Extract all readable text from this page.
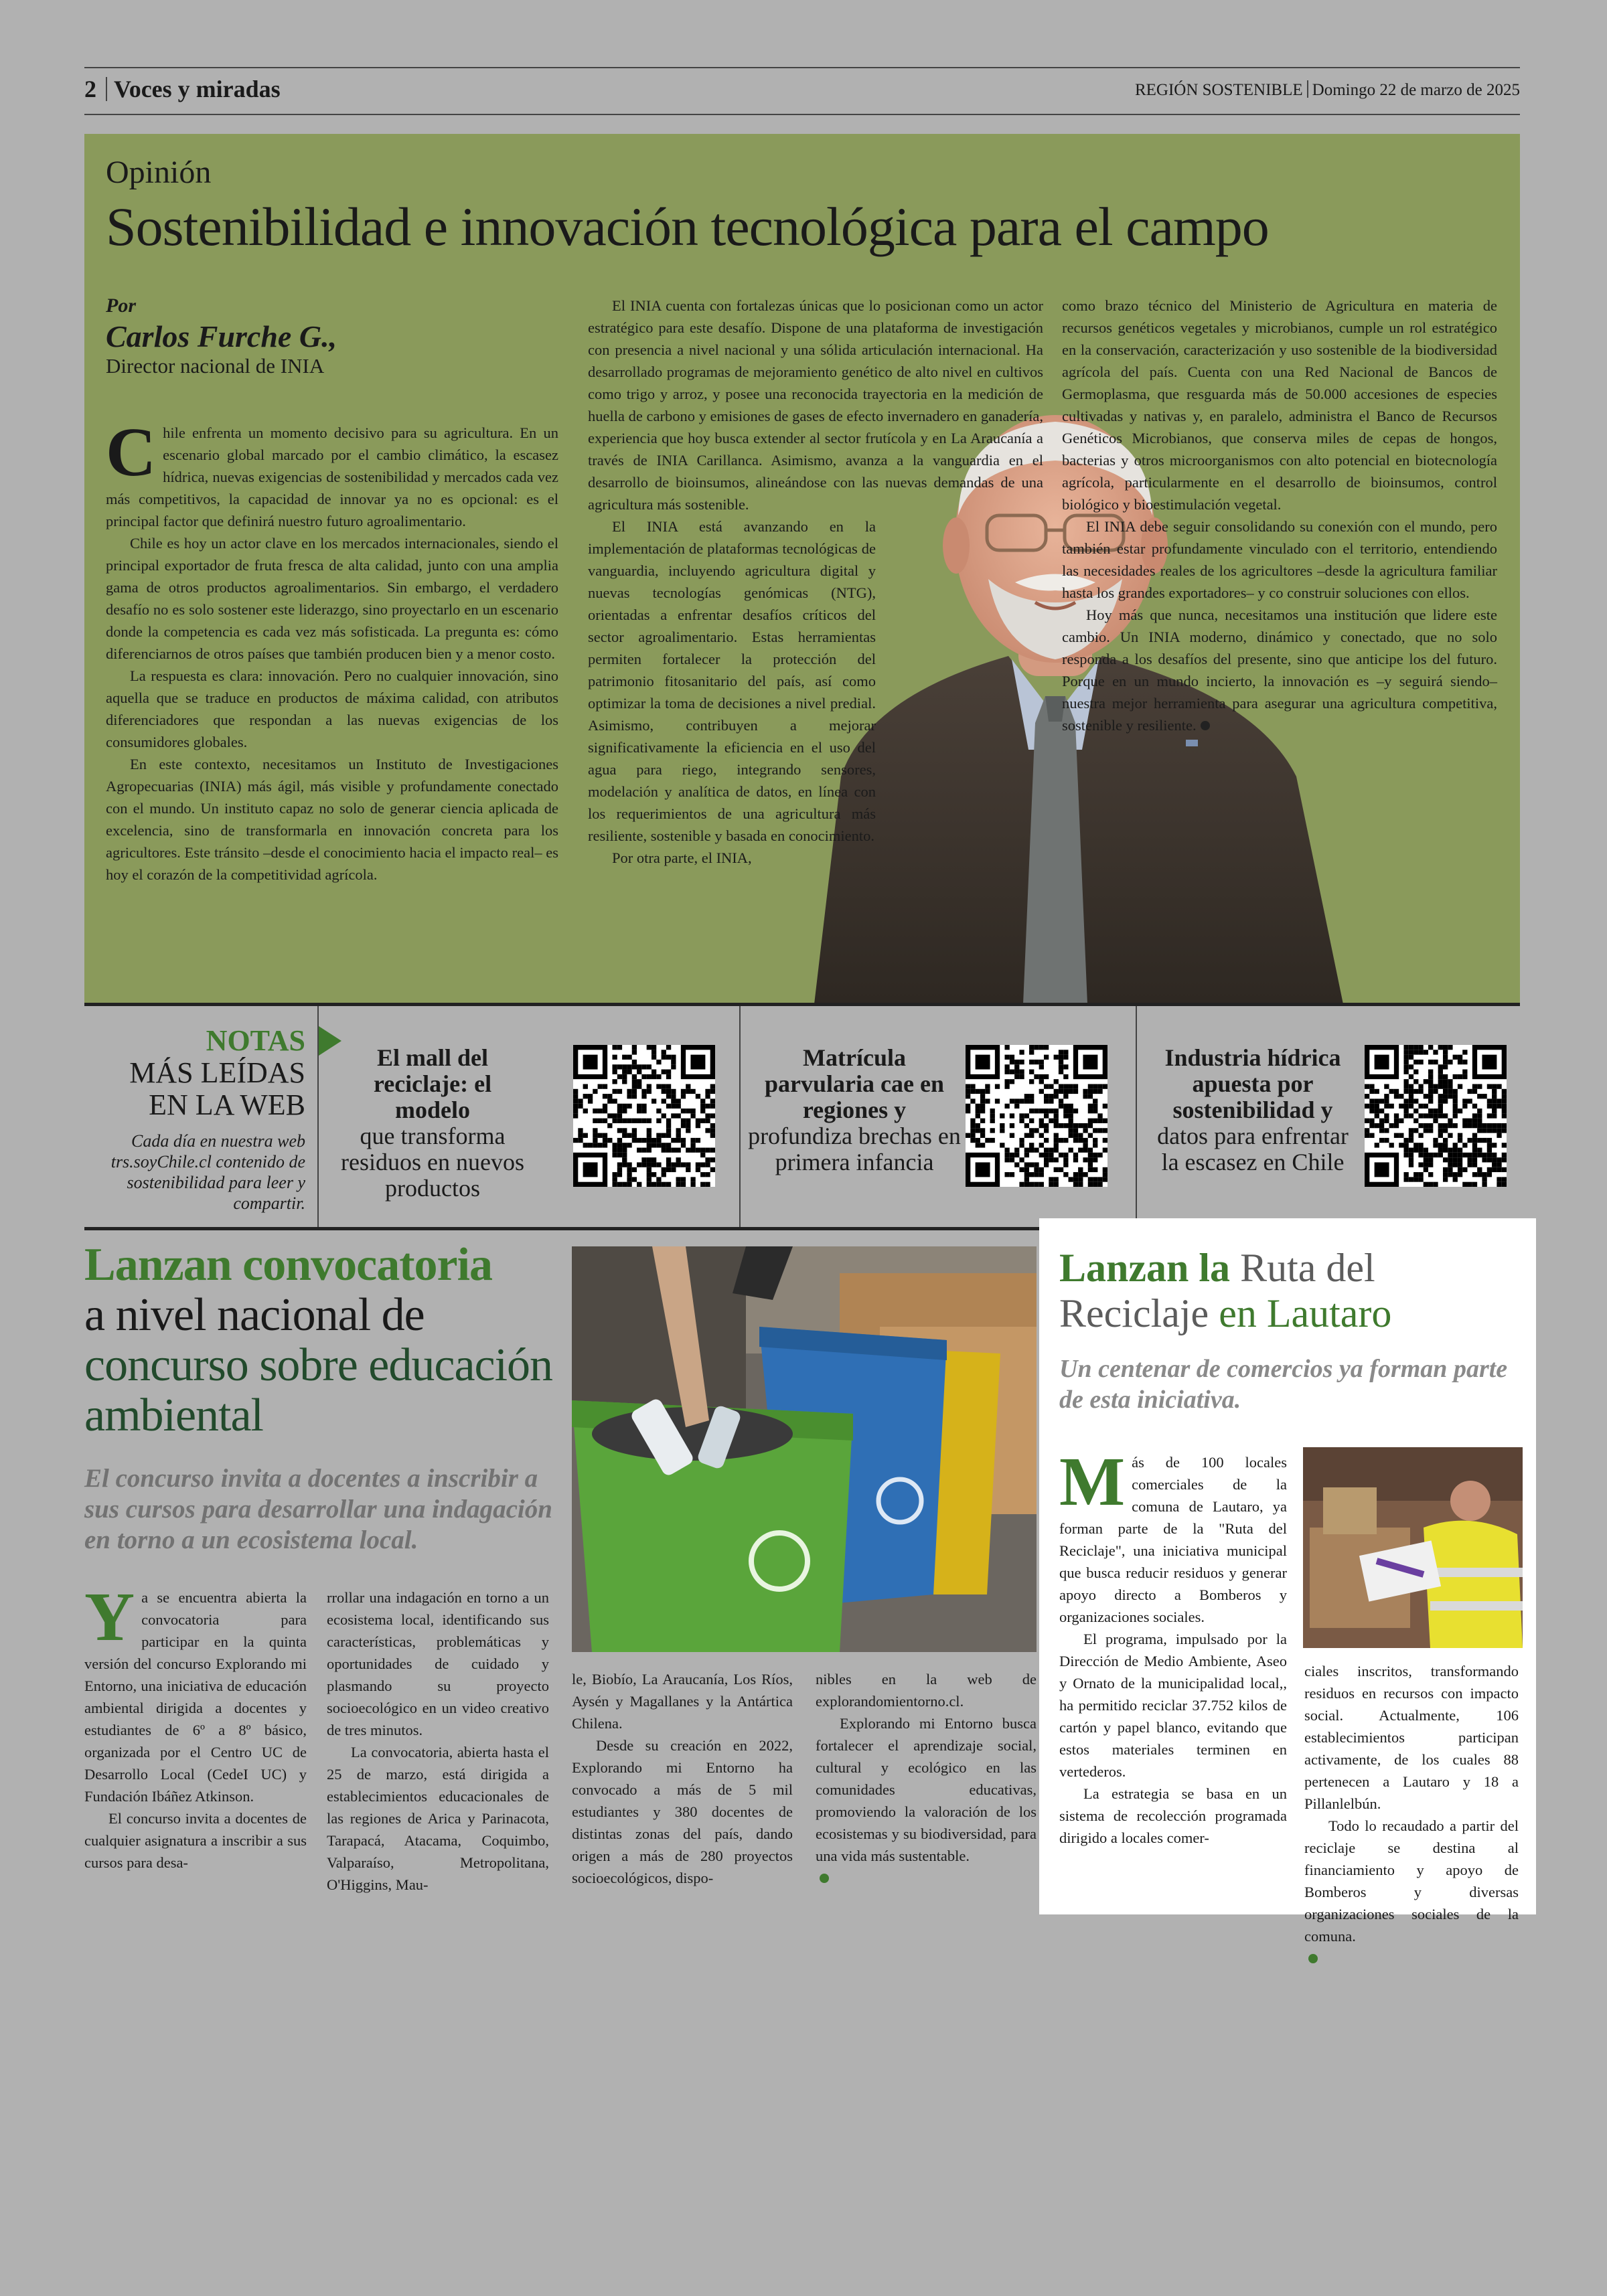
2 Voces y miradas	REGIÓN SOSTENIBLE Domingo 22 de marzo de 2025
Opinión
Sostenibilidad e innovación tecnológica para el campo
Por
Carlos Furche G.,
Director nacional de INIA

Chile enfrenta un momento decisivo para su agricultura. En un escenario global marcado por el cambio climático, la escasez hídrica, nuevas exigencias de sostenibilidad y mercados cada vez más competitivos, la capacidad de innovar ya no es opcional: es el principal factor que definirá nuestro futuro agroalimentario.

Chile es hoy un actor clave en los mercados internacionales, siendo el principal exportador de fruta fresca de alta calidad, junto con una amplia gama de otros productos agroalimentarios. Sin embargo, el verdadero desafío no es solo sostener este liderazgo, sino proyectarlo en un escenario donde la competencia es cada vez más sofisticada. La pregunta es: cómo diferenciarnos de otros países que también producen bien y a menor costo.

La respuesta es clara: innovación. Pero no cualquier innovación, sino aquella que se traduce en productos de máxima calidad, con atributos diferenciadores que respondan a las nuevas exigencias de los consumidores globales.

En este contexto, necesitamos un Instituto de Investigaciones Agropecuarias (INIA) más ágil, más visible y profundamente conectado con el mundo. Un instituto capaz no solo de generar ciencia aplicada de excelencia, sino de transformarla en innovación concreta para los agricultores. Este tránsito –desde el conocimiento hacia el impacto real– es hoy el corazón de la competitividad agrícola.

El INIA cuenta con fortalezas únicas que lo posicionan como un actor estratégico para este desafío. Dispone de una plataforma de investigación con presencia a nivel nacional y una sólida articulación internacional. Ha desarrollado programas de mejoramiento genético de alto nivel en cultivos como trigo y arroz, y posee una reconocida trayectoria en la medición de huella de carbono y emisiones de gases de efecto invernadero en ganadería, experiencia que hoy busca extender al sector frutícola y en La Araucanía a través de INIA Carillanca. Asimismo, avanza a la vanguardia en el desarrollo de bioinsumos, alineándose con las nuevas demandas de una agricultura más sostenible.

El INIA está avanzando en la implementación de plataformas tecnológicas de vanguardia, incluyendo agricultura digital y nuevas tecnologías genómicas (NTG), orientadas a enfrentar desafíos críticos del sector agroalimentario. Estas herramientas permiten fortalecer la protección del patrimonio fitosanitario del país, así como optimizar la toma de decisiones a nivel predial. Asimismo, contribuyen a mejorar significativamente la eficiencia en el uso del agua para riego, integrando sensores, modelación y analítica de datos, en línea con los requerimientos de una agricultura más resiliente, sostenible y basada en conocimiento.

Por otra parte, el INIA,

como brazo técnico del Ministerio de Agricultura en materia de recursos genéticos vegetales y microbianos, cumple un rol estratégico en la conservación, caracterización y uso sostenible de la biodiversidad agrícola del país. Cuenta con una Red Nacional de Bancos de Germoplasma, que resguarda más de 50.000 accesiones de especies cultivadas y nativas y, en paralelo, administra el Banco de Recursos Genéticos Microbianos, que conserva miles de cepas de hongos, bacterias y otros microorganismos con alto potencial en biotecnología agrícola, particularmente en el desarrollo de bioinsumos, control biológico y bioestimulación vegetal.

El INIA debe seguir consolidando su conexión con el mundo, pero también estar profundamente vinculado con el territorio, entendiendo las necesidades reales de los agricultores –desde la agricultura familiar hasta los grandes exportadores– y co construir soluciones con ellos.

Hoy más que nunca, necesitamos una institución que lidere este cambio. Un INIA moderno, dinámico y conectado, que no solo responda a los desafíos del presente, sino que anticipe los del futuro. Porque en un mundo incierto, la innovación es –y seguirá siendo– nuestra mejor herramienta para asegurar una agricultura competitiva, sostenible y resiliente.

NOTAS
MÁS LEÍDAS
EN LA WEB
Cada día en nuestra web trs.soyChile.cl contenido de sostenibilidad para leer y compartir.
El mall del reciclaje: el modelo
que transforma residuos en nuevos productos
Matrícula parvularia cae en regiones y
profundiza brechas en primera infancia
Industria hídrica apuesta por sostenibilidad y
datos para enfrentar la escasez en Chile
Lanzan convocatoria
a nivel nacional de
concurso sobre educación ambiental
El concurso invita a docentes a inscribir a sus cursos para desarrollar una indagación en torno a un ecosistema local.

Ya se encuentra abierta la convocatoria para participar en la quinta versión del concurso Explorando mi Entorno, una iniciativa de educación ambiental dirigida a docentes y estudiantes de 6º a 8º básico, organizada por el Centro UC de Desarrollo Local (CedeI UC) y Fundación Ibáñez Atkinson.

El concurso invita a docentes de cualquier asignatura a inscribir a sus cursos para desa-

rrollar una indagación en torno a un ecosistema local, identificando sus características, problemáticas y oportunidades de cuidado y plasmando su proyecto socioecológico en un video creativo de tres minutos.

La convocatoria, abierta hasta el 25 de marzo, está dirigida a establecimientos educacionales de las regiones de Arica y Parinacota, Tarapacá, Atacama, Coquimbo, Valparaíso, Metropolitana, O'Higgins, Mau-

le, Biobío, La Araucanía, Los Ríos, Aysén y Magallanes y la Antártica Chilena.

Desde su creación en 2022, Explorando mi Entorno ha convocado a más de 5 mil estudiantes y 380 docentes de distintas zonas del país, dando origen a más de 280 proyectos socioecológicos, dispo-

nibles en la web de explorandomientorno.cl.

Explorando mi Entorno busca fortalecer el aprendizaje social, cultural y ecológico en las comunidades educativas, promoviendo la valoración de los ecosistemas y su biodiversidad, para una vida más sustentable.

Lanzan la Ruta del Reciclaje en Lautaro
Un centenar de comercios ya forman parte de esta iniciativa.

Más de 100 locales comerciales de la comuna de Lautaro, ya forman parte de la "Ruta del Reciclaje", una iniciativa municipal que busca reducir residuos y generar apoyo directo a Bomberos y organizaciones sociales.

El programa, impulsado por la Dirección de Medio Ambiente, Aseo y Ornato de la municipalidad local,, ha permitido reciclar 37.752 kilos de cartón y papel blanco, evitando que estos materiales terminen en vertederos.

La estrategia se basa en un sistema de recolección programada dirigido a locales comer-

ciales inscritos, transformando residuos en recursos con impacto social. Actualmente, 106 establecimientos participan activamente, de los cuales 88 pertenecen a Lautaro y 18 a Pillanlelbún.

Todo lo recaudado a partir del reciclaje se destina al financiamiento y apoyo de Bomberos y diversas organizaciones sociales de la comuna.
